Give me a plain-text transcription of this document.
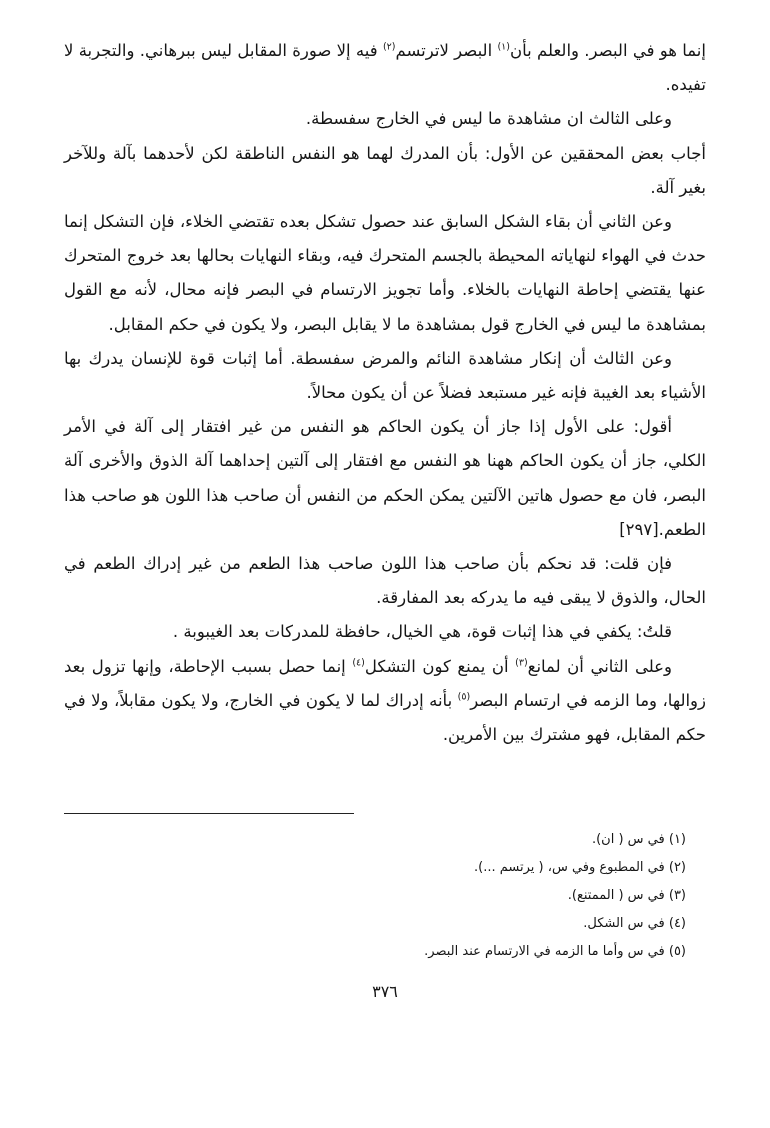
إنما هو في البصر. والعلم بأن$^{(١)}$ البصر لاترتسم$^{(٢)}$ فيه إلا صورة المقابل ليس ببرهاني. والتجربة لا تفيده.

وعلى الثالث ان مشاهدة ما ليس في الخارج سفسطة.

أجاب بعض المحققين عن الأول: بأن المدرك لهما هو النفس الناطقة لكن لأحدهما بآلة وللآخر بغير آلة.

وعن الثاني أن بقاء الشكل السابق عند حصول تشكل بعده تقتضي الخلاء، فإن التشكل إنما حدث في الهواء لنهاياته المحيطة بالجسم المتحرك فيه، وبقاء النهايات بحالها بعد خروج المتحرك عنها يقتضي إحاطة النهايات بالخلاء. وأما تجويز الارتسام في البصر فإنه محال، لأنه مع القول بمشاهدة ما ليس في الخارج قول بمشاهدة ما لا يقابل البصر، ولا يكون في حكم المقابل.

وعن الثالث أن إنكار مشاهدة النائم والمرض سفسطة. أما إثبات قوة للإنسان يدرك بها الأشياء بعد الغيبة فإنه غير مستبعد فضلاً عن أن يكون محالاً.

أقول: على الأول إذا جاز أن يكون الحاكم هو النفس من غير افتقار إلى آلة في الأمر الكلي، جاز أن يكون الحاكم ههنا هو النفس مع افتقار إلى آلتين إحداهما آلة الذوق والأخرى آلة البصر، فان مع حصول هاتين الآلتين يمكن الحكم من النفس أن صاحب هذا اللون هو صاحب هذا الطعم.[٢٩٧]

فإن قلت: قد نحكم بأن صاحب هذا اللون صاحب هذا الطعم من غير إدراك الطعم في الحال، والذوق لا يبقى فيه ما يدركه بعد المفارقة.

قلتُ: يكفي في هذا إثبات قوة، هي الخيال، حافظة للمدركات بعد الغيبوبة .

وعلى الثاني أن لمانع$^{(٣)}$ أن يمنع كون التشكل$^{(٤)}$ إنما حصل بسبب الإحاطة، وإنها تزول بعد زوالها، وما الزمه في ارتسام البصر$^{(٥)}$ بأنه إدراك لما لا يكون في الخارج، ولا يكون مقابلاً، ولا في حكم المقابل، فهو مشترك بين الأمرين.

(١) في س ( ان).

(٢) في المطبوع وفي س، ( يرتسم ...).

(٣) في س ( الممتنع).

(٤) في س الشكل.

(٥) في س وأما ما الزمه في الارتسام عند البصر.

٣٧٦
